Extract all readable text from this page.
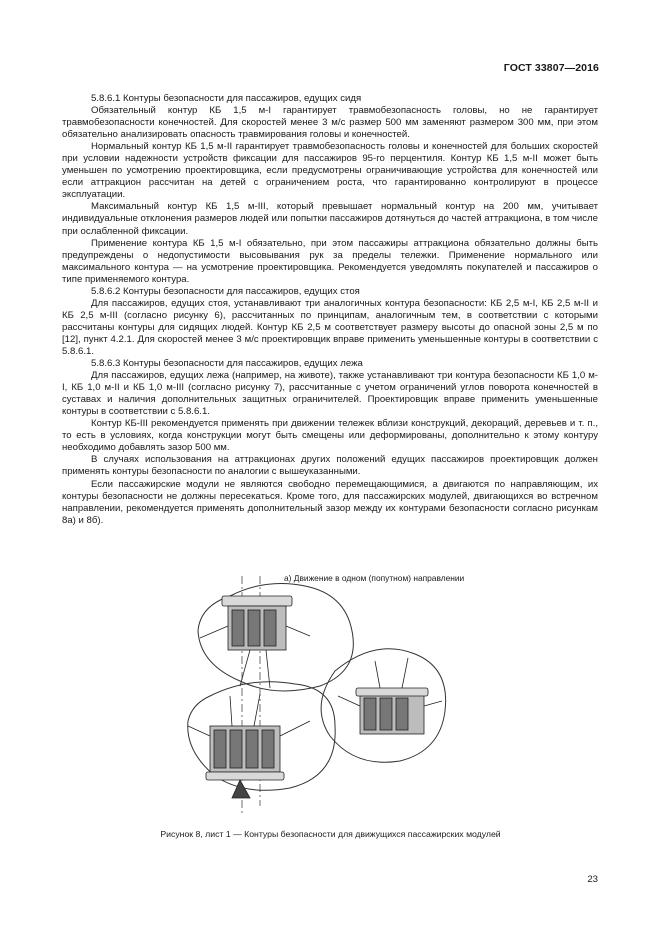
ГОСТ 33807—2016

5.8.6.1 Контуры безопасности для пассажиров, едущих сидя

Обязательный контур КБ 1,5 м-I гарантирует травмобезопасность головы, но не гарантирует травмобезопасности конечностей. Для скоростей менее 3 м/с размер 500 мм заменяют размером 300 мм, при этом обязательно анализировать опасность травмирования головы и конечностей.

Нормальный контур КБ 1,5 м-II гарантирует травмобезопасность головы и конечностей для больших скоростей при условии надежности устройств фиксации для пассажиров 95-го перцентиля. Контур КБ 1,5 м-II может быть уменьшен по усмотрению проектировщика, если предусмотрены ограничивающие устройства для конечностей или если аттракцион рассчитан на детей с ограничением роста, что гарантированно контролируют в процессе эксплуатации.

Максимальный контур КБ 1,5 м-III, который превышает нормальный контур на 200 мм, учитывает индивидуальные отклонения размеров людей или попытки пассажиров дотянуться до частей аттракциона, в том числе при ослабленной фиксации.

Применение контура КБ 1,5 м-I обязательно, при этом пассажиры аттракциона обязательно должны быть предупреждены о недопустимости высовывания рук за пределы тележки. Применение нормального или максимального контура — на усмотрение проектировщика. Рекомендуется уведомлять покупателей и пассажиров о типе применяемого контура.

5.8.6.2 Контуры безопасности для пассажиров, едущих стоя

Для пассажиров, едущих стоя, устанавливают три аналогичных контура безопасности: КБ 2,5 м-I, КБ 2,5 м-II и КБ 2,5 м-III (согласно рисунку 6), рассчитанных по принципам, аналогичным тем, в соответствии с которыми рассчитаны контуры для сидящих людей. Контур КБ 2,5 м соответствует размеру высоты до опасной зоны 2,5 м по [12], пункт 4.2.1. Для скоростей менее 3 м/с проектировщик вправе применить уменьшенные контуры в соответствии с 5.8.6.1.

5.8.6.3 Контуры безопасности для пассажиров, едущих лежа

Для пассажиров, едущих лежа (например, на животе), также устанавливают три контура безопасности КБ 1,0 м-I, КБ 1,0 м-II и КБ 1,0 м-III (согласно рисунку 7), рассчитанные с учетом ограничений углов поворота конечностей в суставах и наличия дополнительных защитных ограничителей. Проектировщик вправе применить уменьшенные контуры в соответствии с 5.8.6.1.

Контур КБ-III рекомендуется применять при движении тележек вблизи конструкций, декораций, деревьев и т. п., то есть в условиях, когда конструкции могут быть смещены или деформированы, дополнительно к этому контуру необходимо добавлять зазор 500 мм.

В случаях использования на аттракционах других положений едущих пассажиров проектировщик должен применять контуры безопасности по аналогии с вышеуказанными.

Если пассажирские модули не являются свободно перемещающимися, а двигаются по направляющим, их контуры безопасности не должны пересекаться. Кроме того, для пассажирских модулей, двигающихся во встречном направлении, рекомендуется применять дополнительный зазор между их контурами безопасности согласно рисункам 8а) и 8б).

а) Движение в одном (попутном) направлении
Рисунок 8, лист 1 — Контуры безопасности для движущихся пассажирских модулей
23
